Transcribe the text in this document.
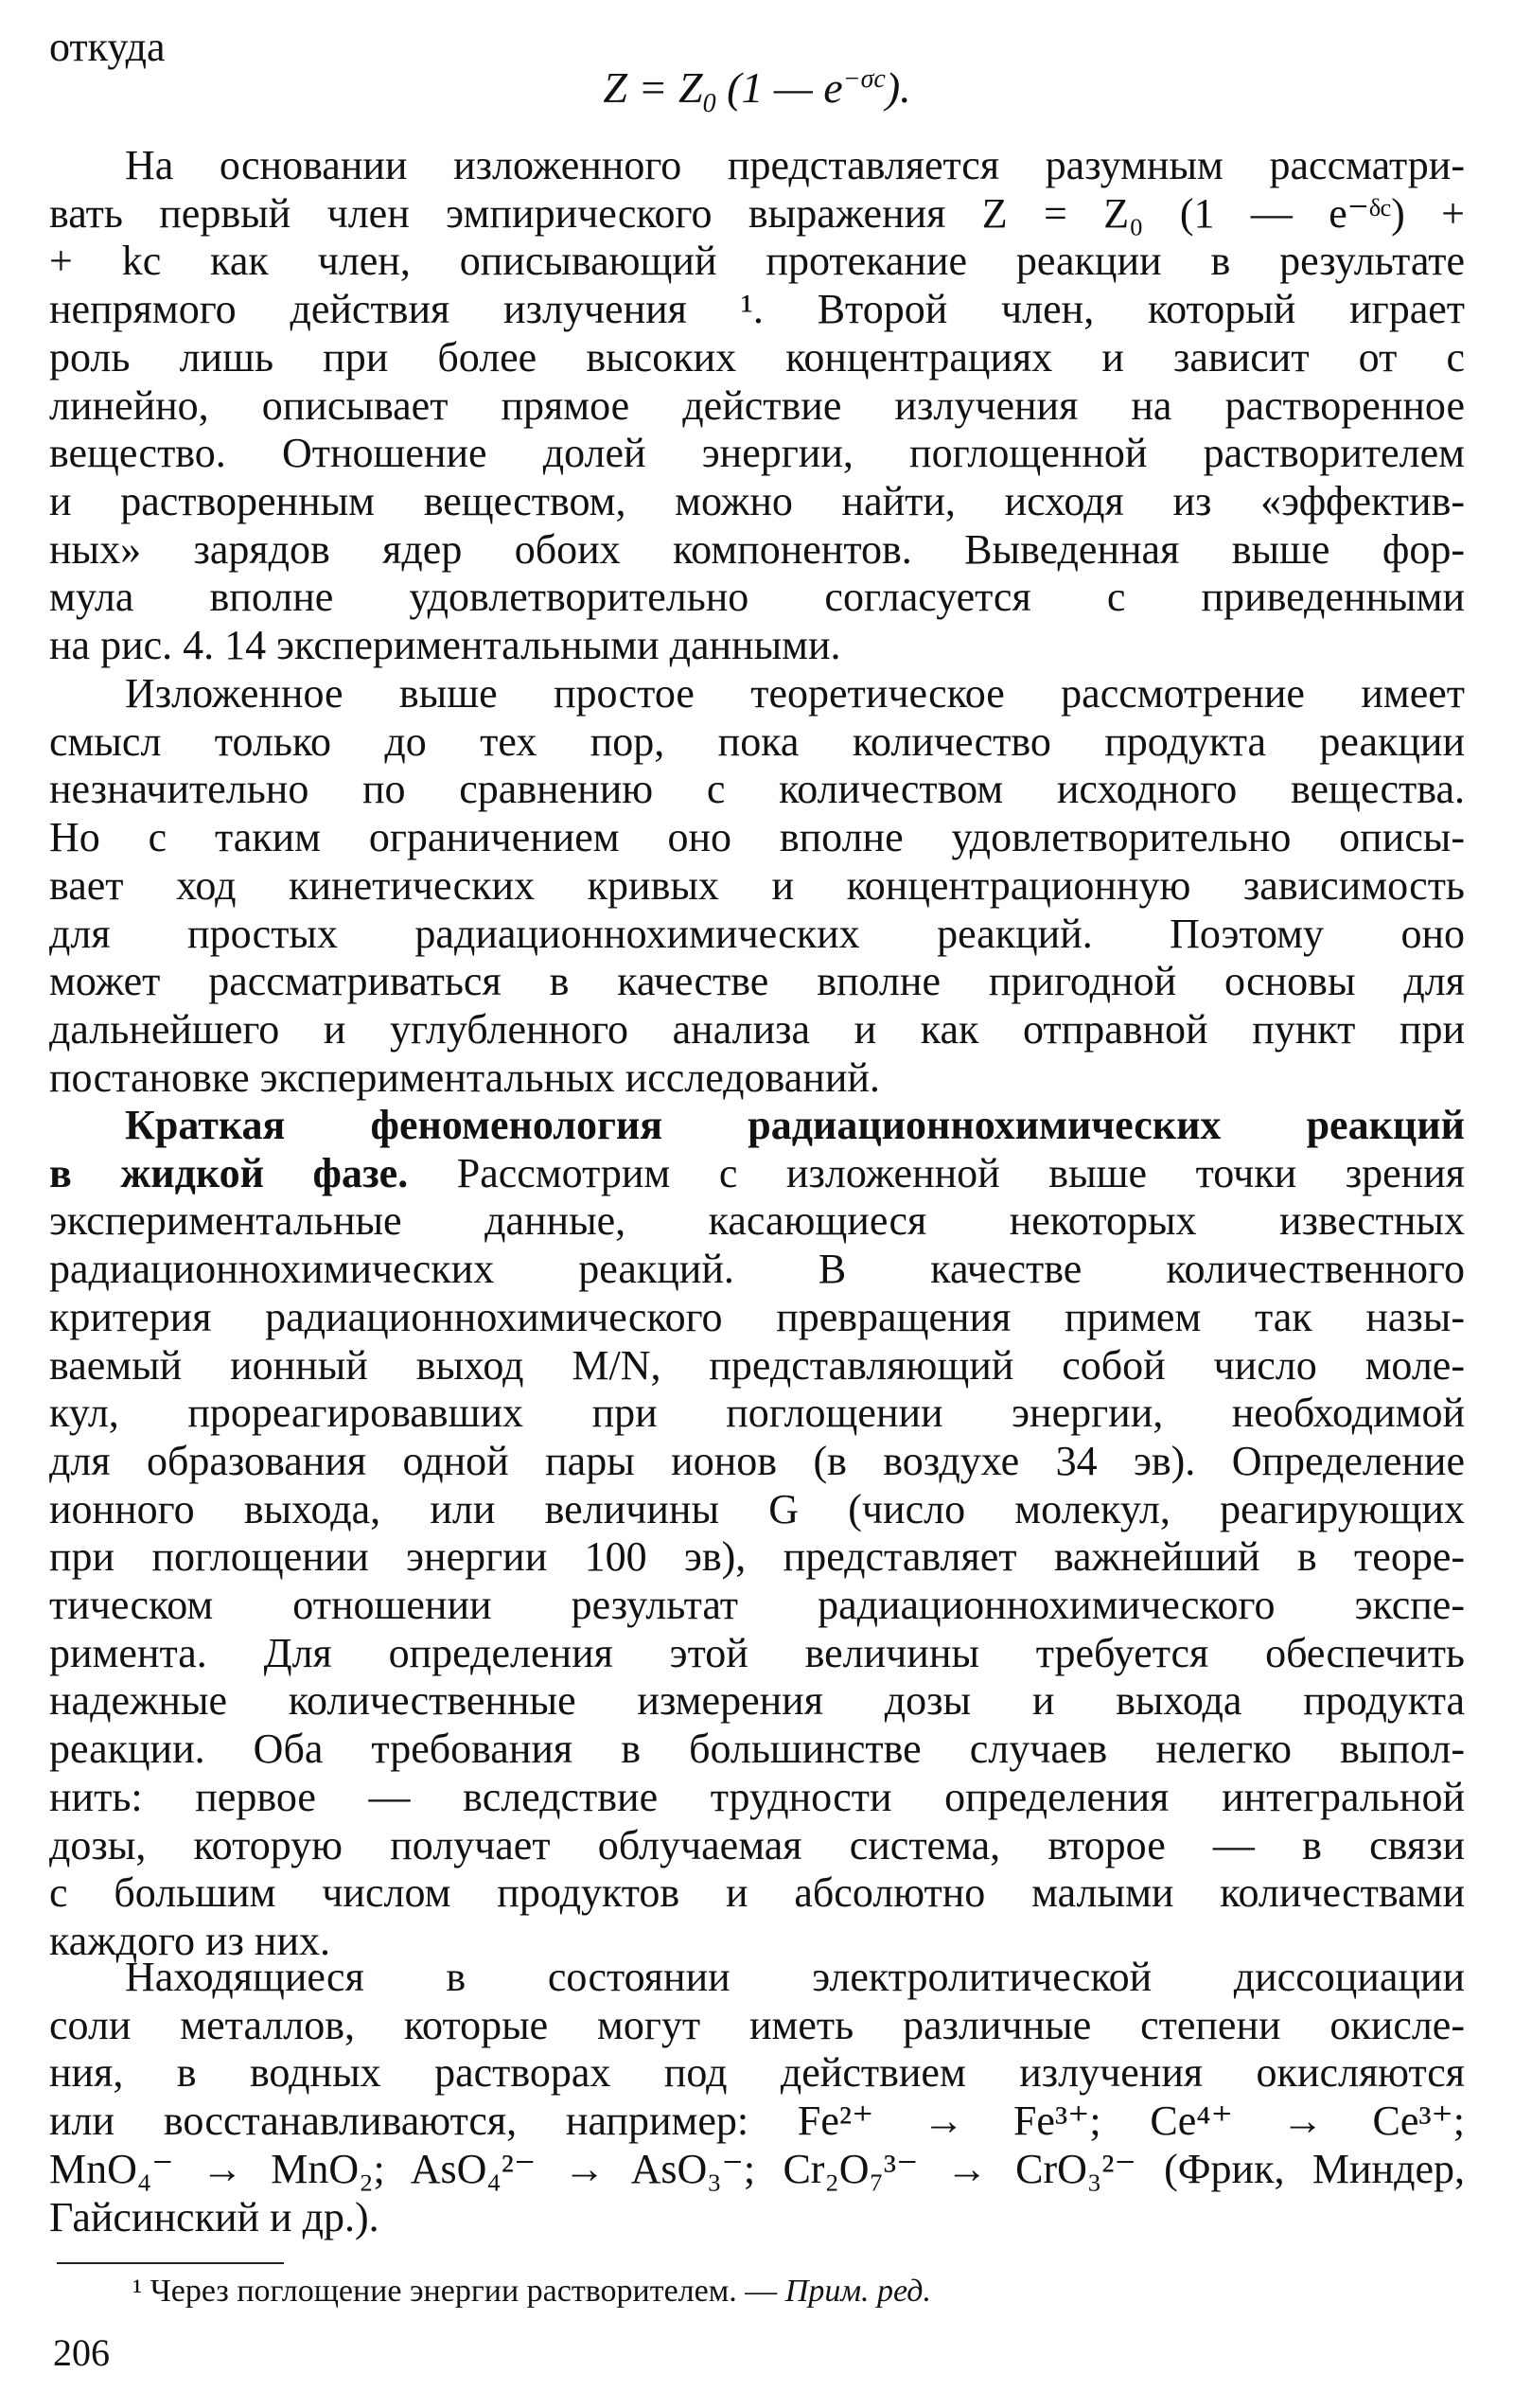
откуда
$Z = Z_0$ (1 — $e^{-\sigma c}$).
На основании изложенного представляется разумным рассматри-
вать первый член эмпирического выражения Z = Z₀ (1 — e⁻ᵟᶜ) +
+ kc как член, описывающий протекание реакции в результате
непрямого действия излучения ¹. Второй член, который играет
роль лишь при более высоких концентрациях и зависит от c
линейно, описывает прямое действие излучения на растворенное
вещество. Отношение долей энергии, поглощенной растворителем
и растворенным веществом, можно найти, исходя из «эффектив-
ных» зарядов ядер обоих компонентов. Выведенная выше фор-
мула вполне удовлетворительно согласуется с приведенными
на рис. 4. 14 экспериментальными данными.
Изложенное выше простое теоретическое рассмотрение имеет
смысл только до тех пор, пока количество продукта реакции
незначительно по сравнению с количеством исходного вещества.
Но с таким ограничением оно вполне удовлетворительно описы-
вает ход кинетических кривых и концентрационную зависимость
для простых радиационнохимических реакций. Поэтому оно
может рассматриваться в качестве вполне пригодной основы для
дальнейшего и углубленного анализа и как отправной пункт при
постановке экспериментальных исследований.
Краткая феноменология радиационнохимических реакций
в жидкой фазе. Рассмотрим с изложенной выше точки зрения
экспериментальные данные, касающиеся некоторых известных
радиационнохимических реакций. В качестве количественного
критерия радиационнохимического превращения примем так назы-
ваемый ионный выход M/N, представляющий собой число моле-
кул, прореагировавших при поглощении энергии, необходимой
для образования одной пары ионов (в воздухе 34 эв). Определение
ионного выхода, или величины G (число молекул, реагирующих
при поглощении энергии 100 эв), представляет важнейший в теоре-
тическом отношении результат радиационнохимического экспе-
римента. Для определения этой величины требуется обеспечить
надежные количественные измерения дозы и выхода продукта
реакции. Оба требования в большинстве случаев нелегко выпол-
нить: первое — вследствие трудности определения интегральной
дозы, которую получает облучаемая система, второе — в связи
с большим числом продуктов и абсолютно малыми количествами
каждого из них.
Находящиеся в состоянии электролитической диссоциации
соли металлов, которые могут иметь различные степени окисле-
ния, в водных растворах под действием излучения окисляются
или восстанавливаются, например: Fe²⁺ → Fe³⁺; Ce⁴⁺ → Ce³⁺;
MnO₄⁻ → MnO₂; AsO₄²⁻ → AsO₃⁻; Cr₂O₇³⁻ → CrO₃²⁻ (Фрик, Миндер,
Гайсинский и др.).
¹ Через поглощение энергии растворителем. — Прим. ред.
206
